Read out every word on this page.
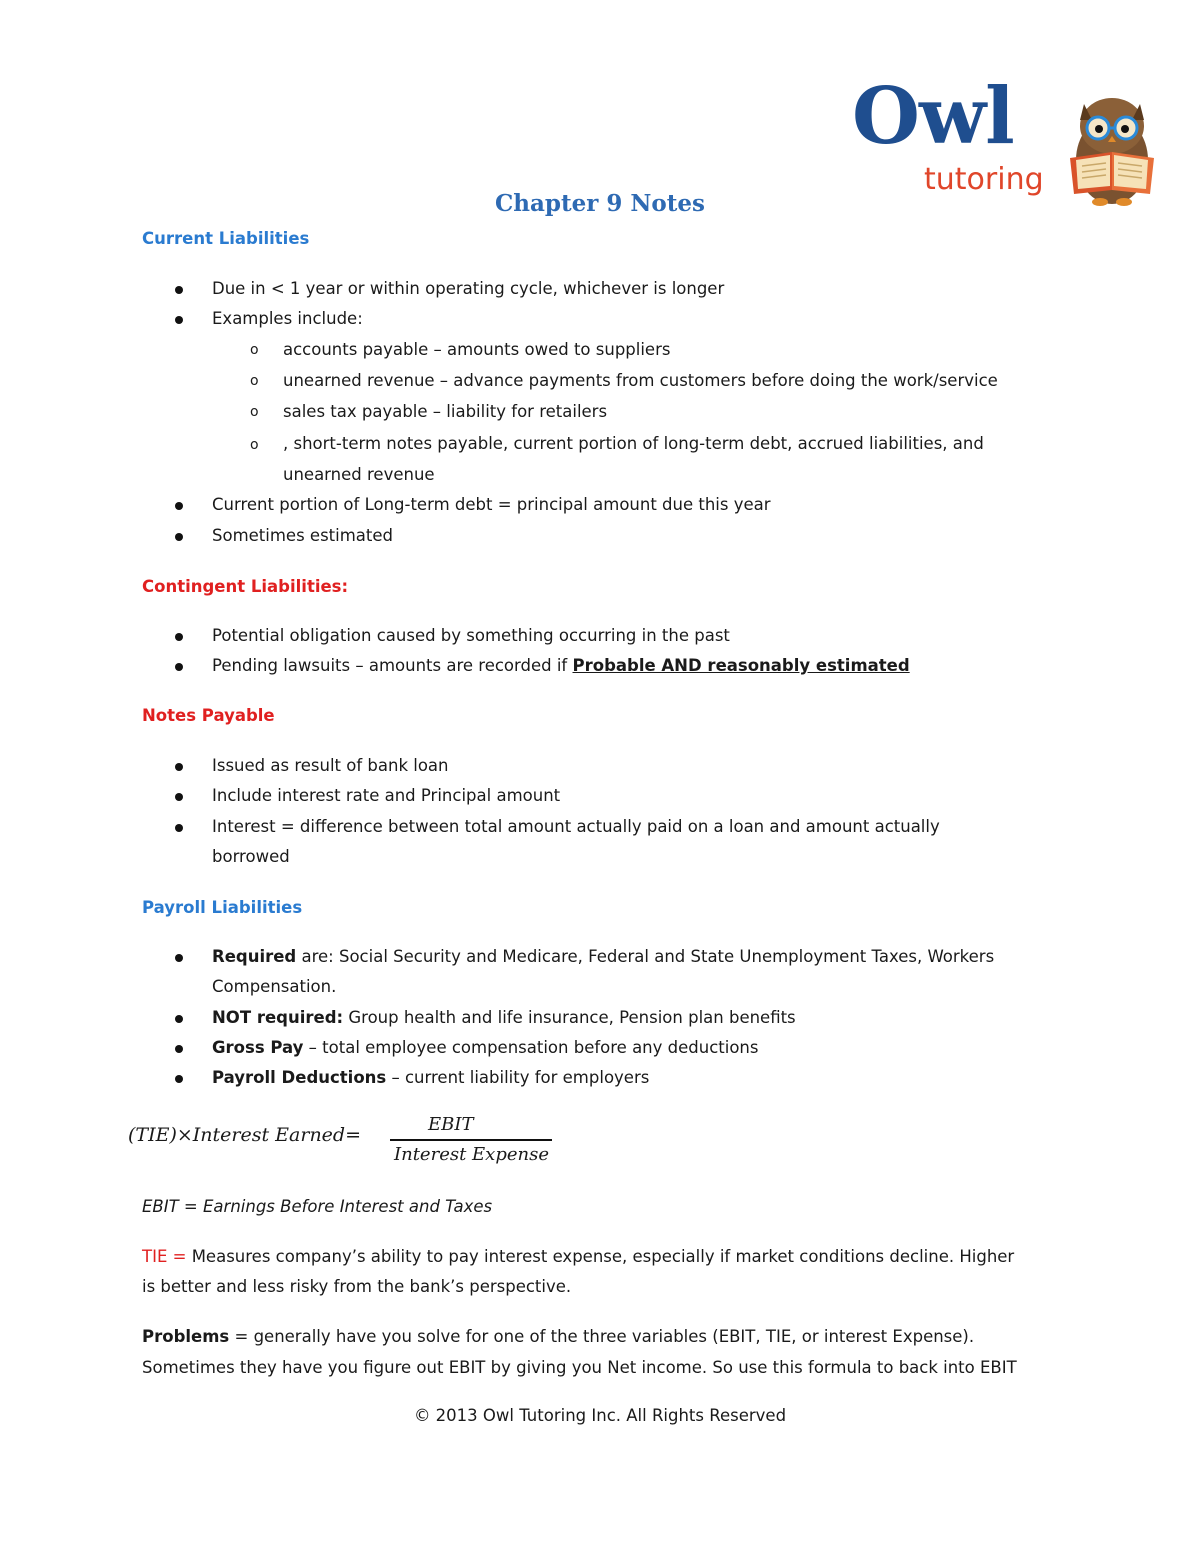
Owl
tutoring
Chapter 9 Notes
Current Liabilities
Due in < 1 year or within operating cycle, whichever is longer
Examples include:
o accounts payable – amounts owed to suppliers
o unearned revenue – advance payments from customers before doing the work/service
o sales tax payable – liability for retailers
o , short-term notes payable, current portion of long-term debt, accrued liabilities, and
unearned revenue
Current portion of Long-term debt = principal amount due this year
Sometimes estimated
Contingent Liabilities:
Potential obligation caused by something occurring in the past
Pending lawsuits – amounts are recorded if Probable AND reasonably estimated
Notes Payable
Issued as result of bank loan
Include interest rate and Principal amount
Interest = difference between total amount actually paid on a loan and amount actually
borrowed
Payroll Liabilities
Required are: Social Security and Medicare, Federal and State Unemployment Taxes, Workers
Compensation.
NOT required: Group health and life insurance, Pension plan benefits
Gross Pay – total employee compensation before any deductions
Payroll Deductions – current liability for employers
(TIE)×Interest Earned=	EBIT
Interest Expense
EBIT = Earnings Before Interest and Taxes
TIE = Measures company’s ability to pay interest expense, especially if market conditions decline. Higher
is better and less risky from the bank’s perspective.
Problems = generally have you solve for one of the three variables (EBIT, TIE, or interest Expense).
Sometimes they have you figure out EBIT by giving you Net income. So use this formula to back into EBIT
© 2013 Owl Tutoring Inc. All Rights Reserved
